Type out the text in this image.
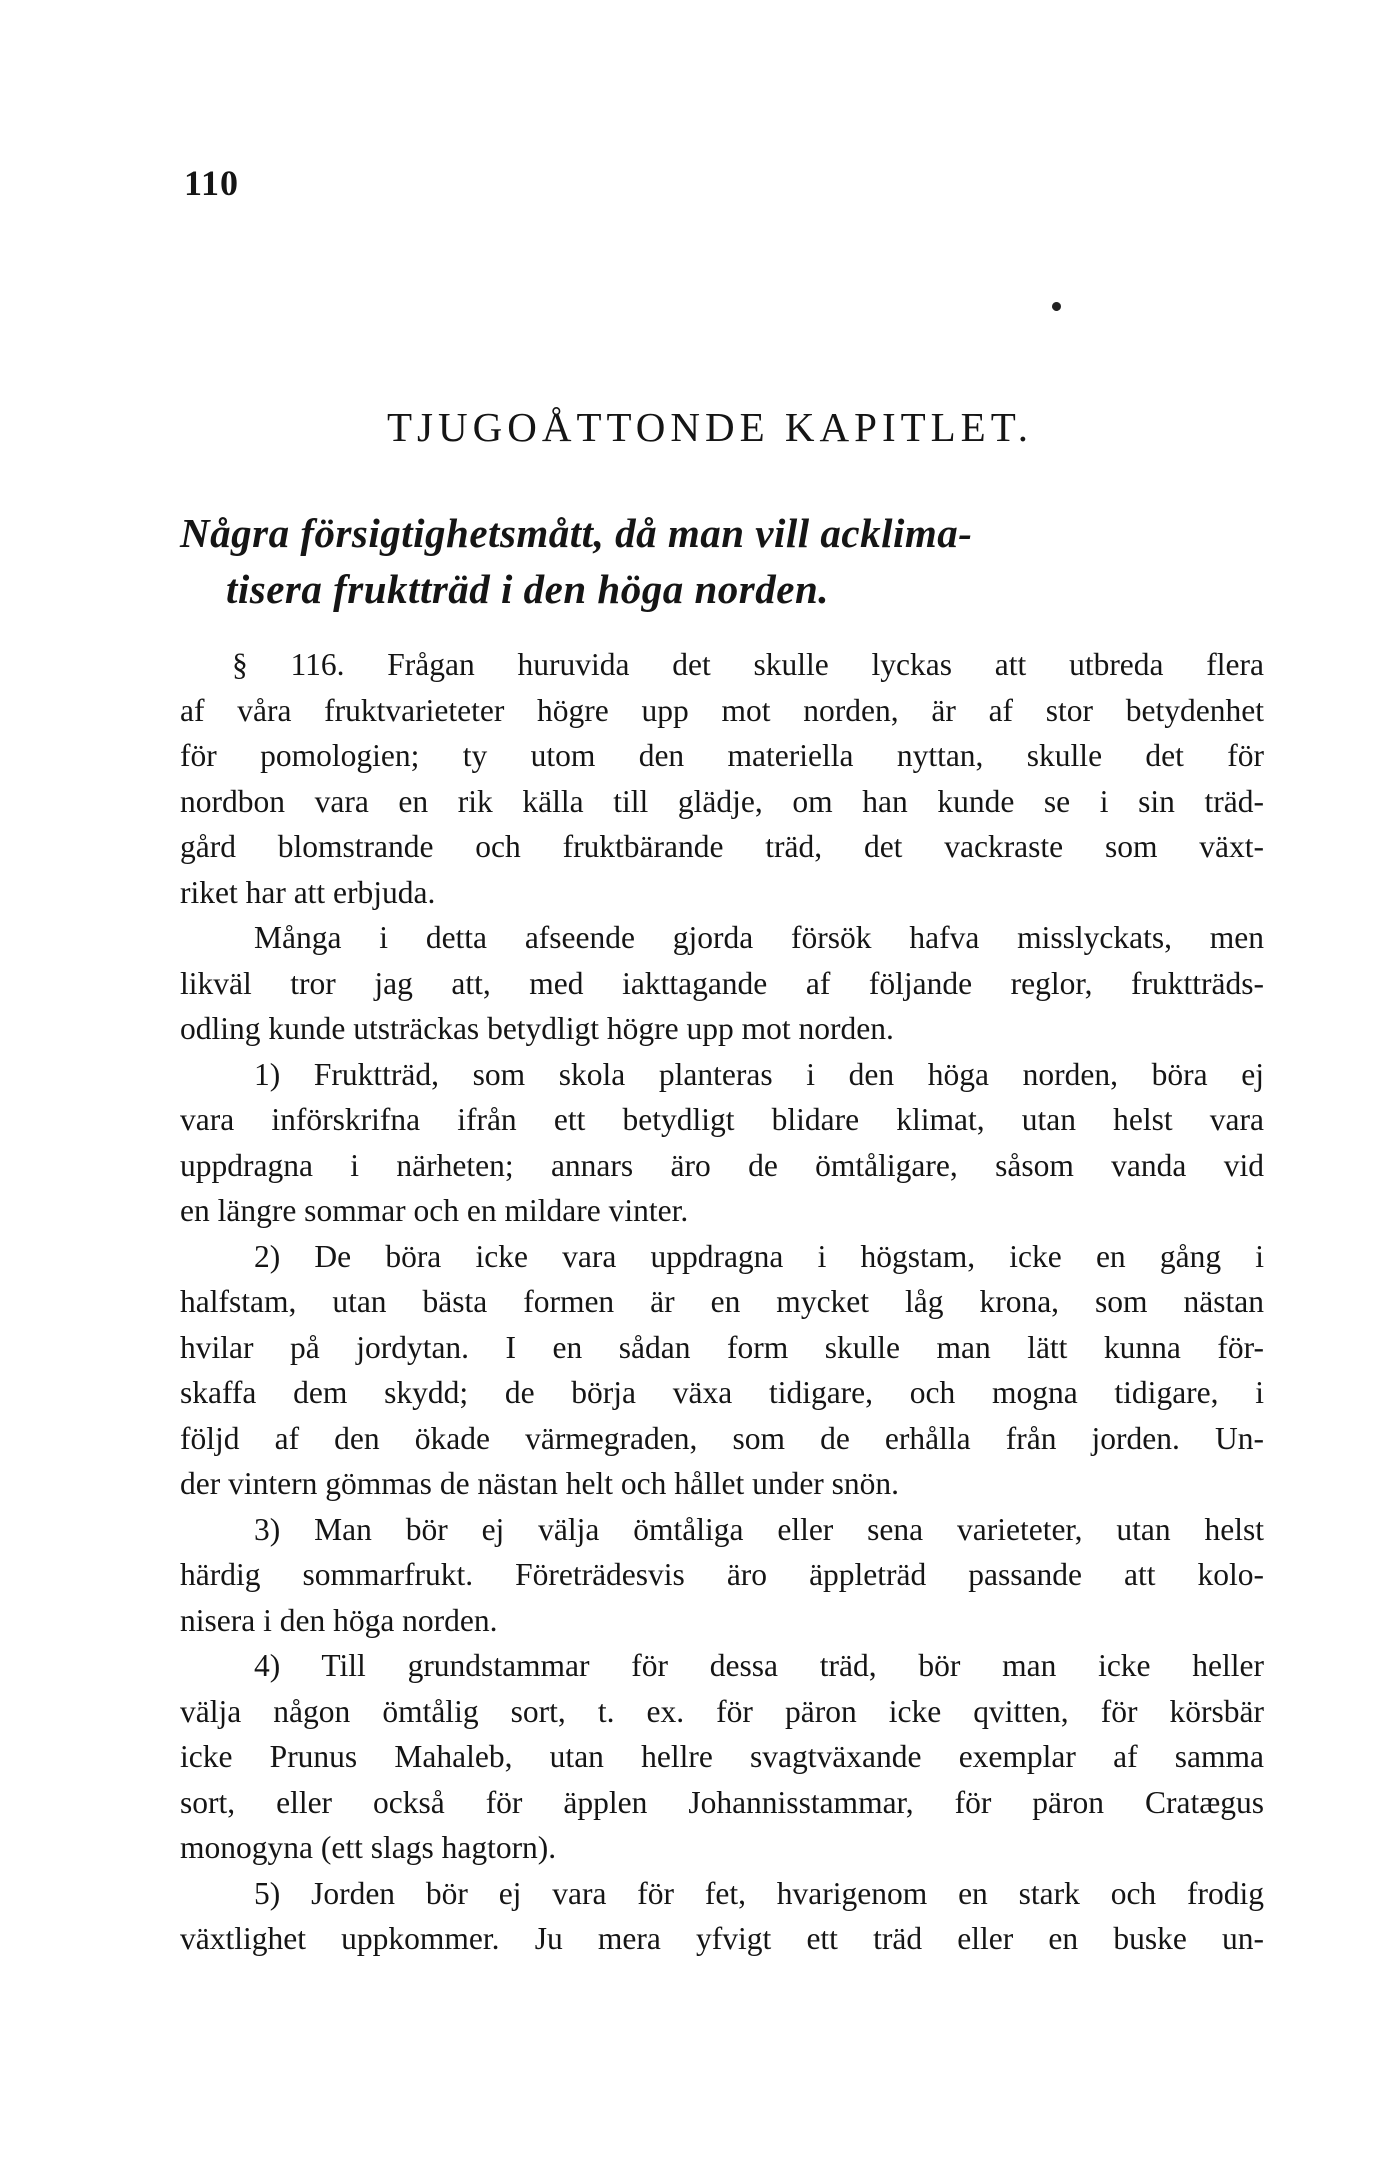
110
TJUGOÅTTONDE KAPITLET.
Några försigtighetsmått, då man vill acklima-
tisera fruktträd i den höga norden.
§ 116. Frågan huruvida det skulle lyckas att utbreda flera
af våra fruktvarieteter högre upp mot norden, är af stor betydenhet
för pomologien; ty utom den materiella nyttan, skulle det för
nordbon vara en rik källa till glädje, om han kunde se i sin träd-
gård blomstrande och fruktbärande träd, det vackraste som växt-
riket har att erbjuda.
Många i detta afseende gjorda försök hafva misslyckats, men
likväl tror jag att, med iakttagande af följande reglor, fruktträds-
odling kunde utsträckas betydligt högre upp mot norden.
1) Fruktträd, som skola planteras i den höga norden, böra ej
vara införskrifna ifrån ett betydligt blidare klimat, utan helst vara
uppdragna i närheten; annars äro de ömtåligare, såsom vanda vid
en längre sommar och en mildare vinter.
2) De böra icke vara uppdragna i högstam, icke en gång i
halfstam, utan bästa formen är en mycket låg krona, som nästan
hvilar på jordytan. I en sådan form skulle man lätt kunna för-
skaffa dem skydd; de börja växa tidigare, och mogna tidigare, i
följd af den ökade värmegraden, som de erhålla från jorden. Un-
der vintern gömmas de nästan helt och hållet under snön.
3) Man bör ej välja ömtåliga eller sena varieteter, utan helst
härdig sommarfrukt. Företrädesvis äro äppleträd passande att kolo-
nisera i den höga norden.
4) Till grundstammar för dessa träd, bör man icke heller
välja någon ömtålig sort, t. ex. för päron icke qvitten, för körsbär
icke Prunus Mahaleb, utan hellre svagtväxande exemplar af samma
sort, eller också för äpplen Johannisstammar, för päron Cratægus
monogyna (ett slags hagtorn).
5) Jorden bör ej vara för fet, hvarigenom en stark och frodig
växtlighet uppkommer. Ju mera yfvigt ett träd eller en buske un-
